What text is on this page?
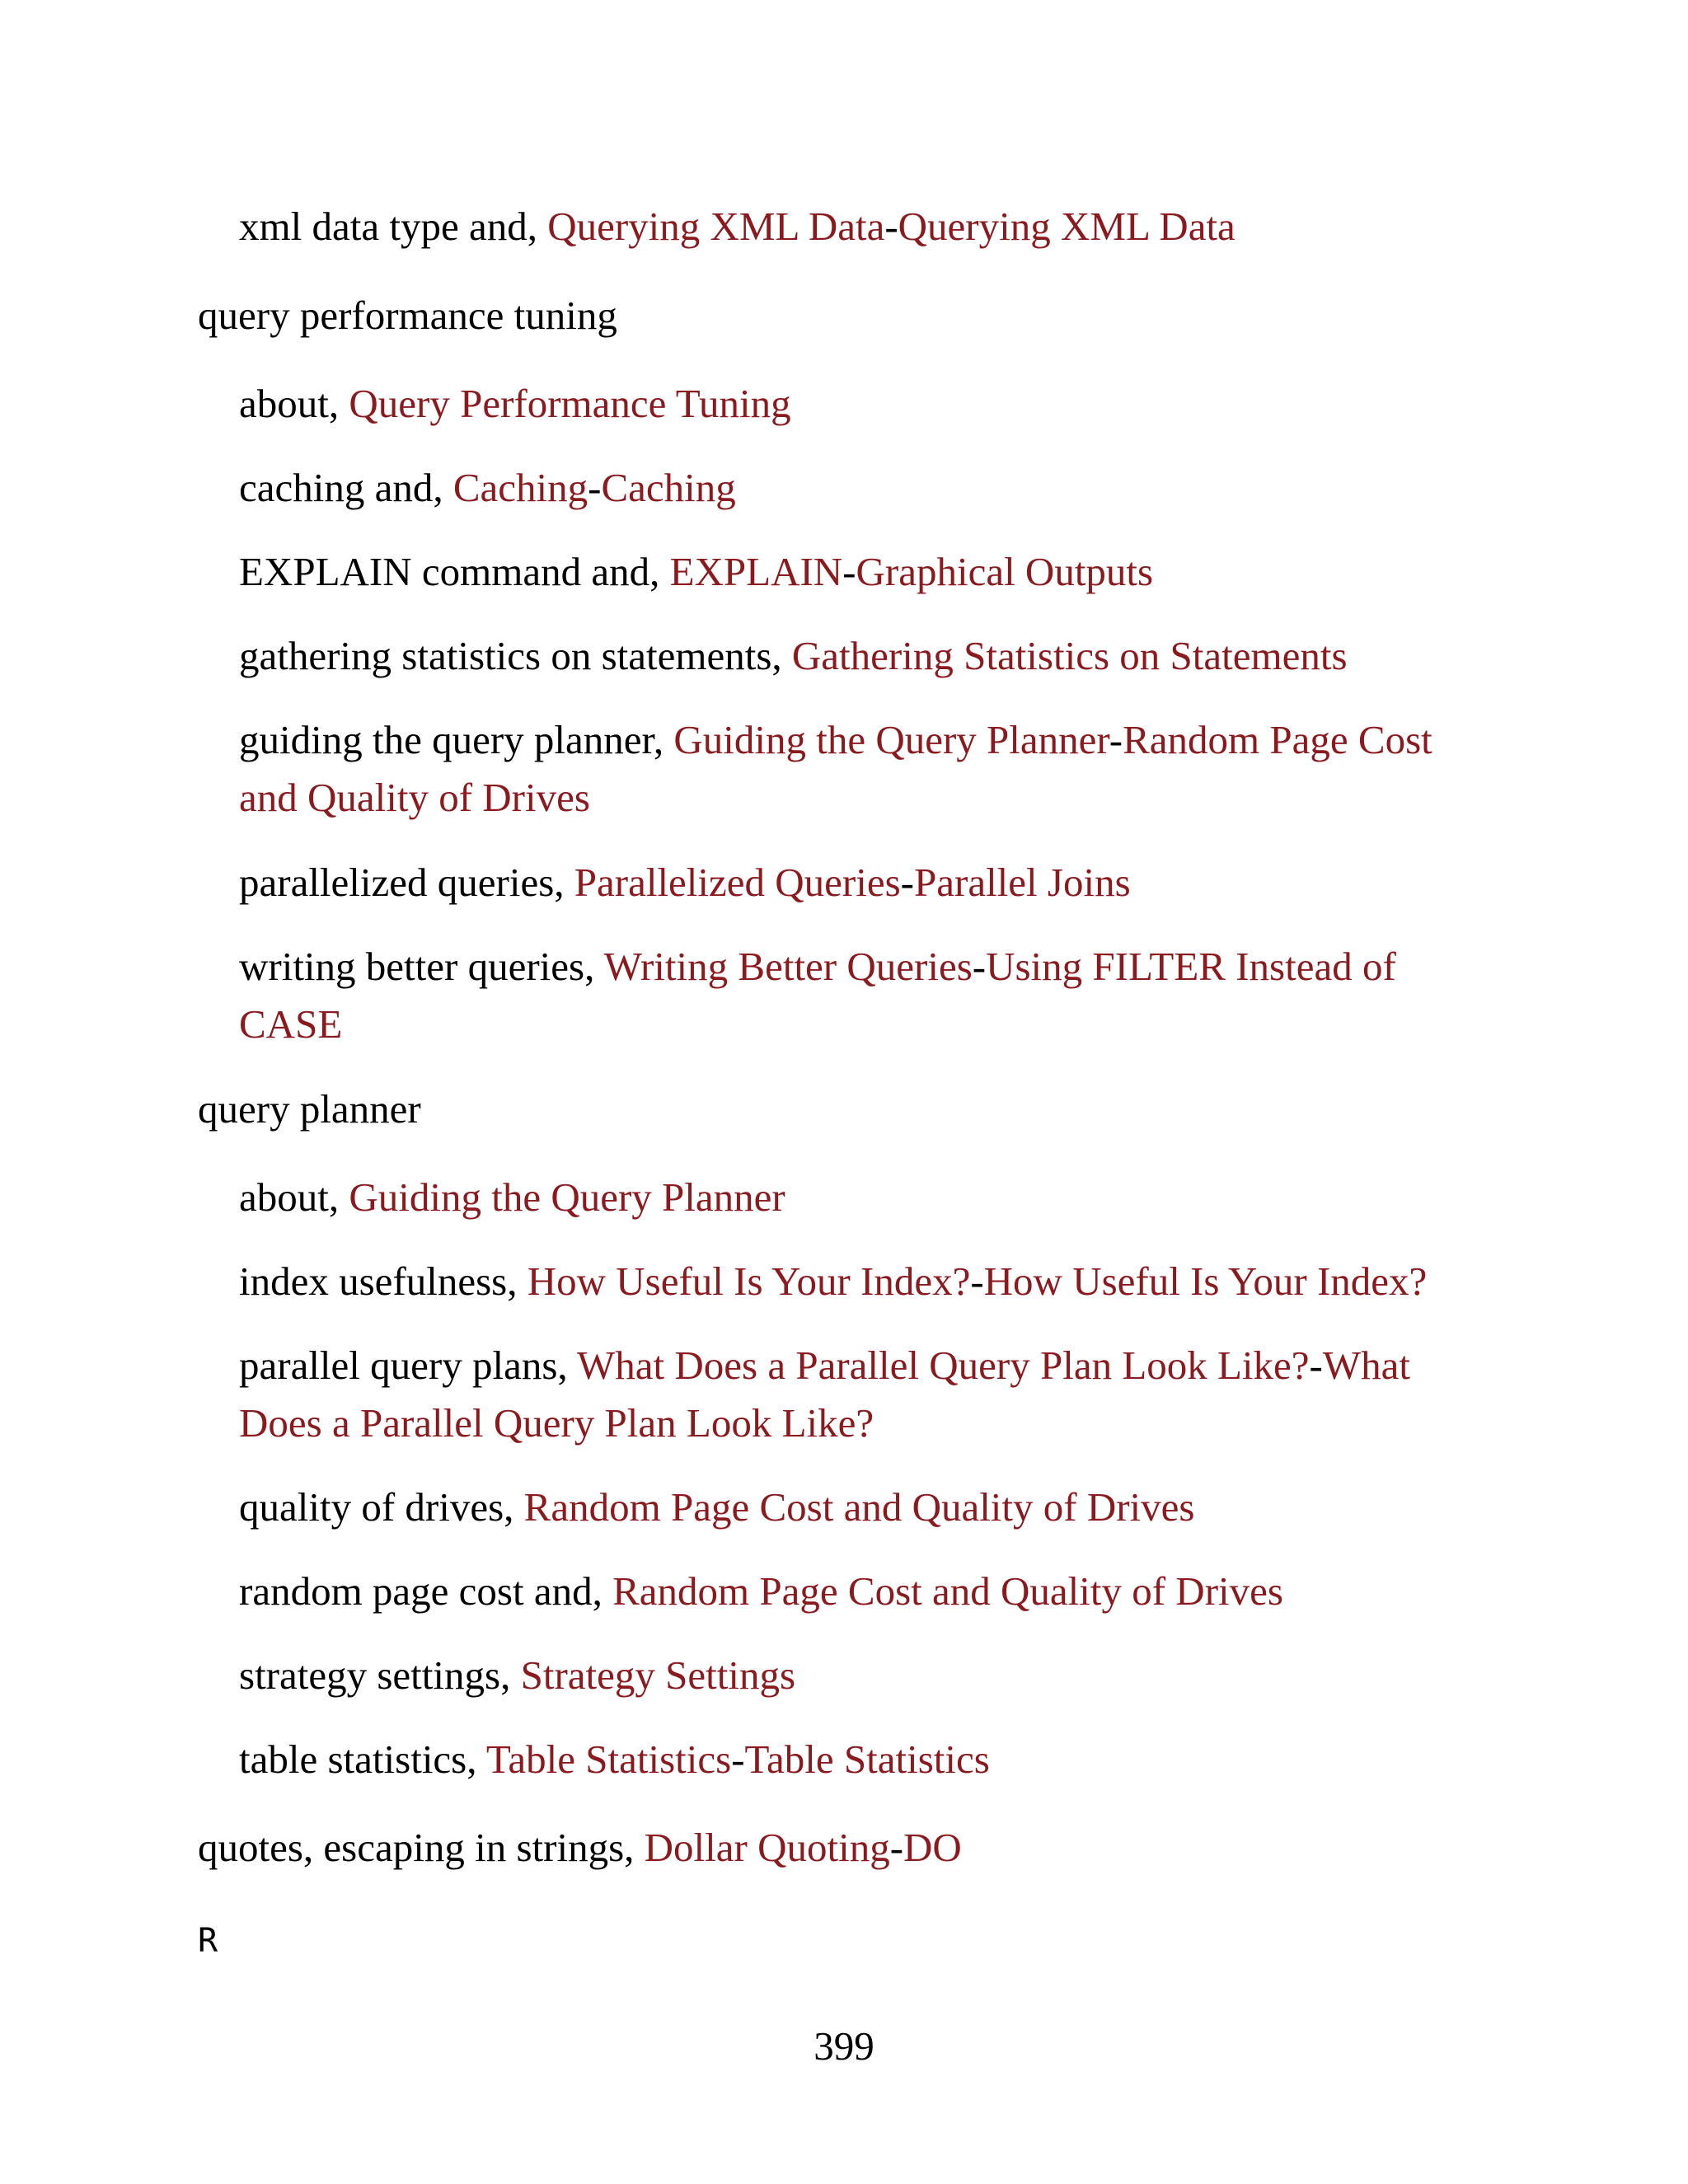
xml data type and, Querying XML Data-Querying XML Data
query performance tuning
about, Query Performance Tuning
caching and, Caching-Caching
EXPLAIN command and, EXPLAIN-Graphical Outputs
gathering statistics on statements, Gathering Statistics on Statements
guiding the query planner, Guiding the Query Planner-Random Page Cost and Quality of Drives
parallelized queries, Parallelized Queries-Parallel Joins
writing better queries, Writing Better Queries-Using FILTER Instead of CASE
query planner
about, Guiding the Query Planner
index usefulness, How Useful Is Your Index?-How Useful Is Your Index?
parallel query plans, What Does a Parallel Query Plan Look Like?-What Does a Parallel Query Plan Look Like?
quality of drives, Random Page Cost and Quality of Drives
random page cost and, Random Page Cost and Quality of Drives
strategy settings, Strategy Settings
table statistics, Table Statistics-Table Statistics
quotes, escaping in strings, Dollar Quoting-DO
R
399
